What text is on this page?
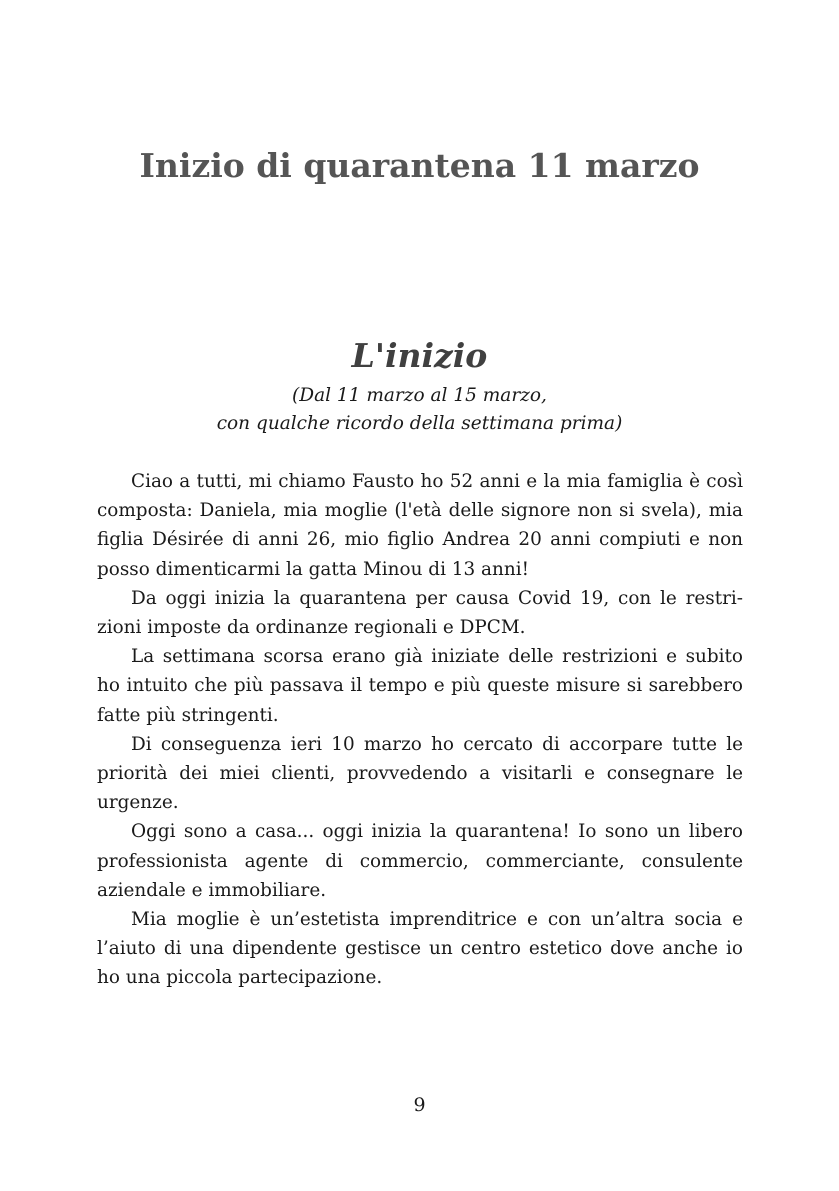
Inizio di quarantena 11 marzo
L'inizio
(Dal 11 marzo al 15 marzo,
con qualche ricordo della settimana prima)

Ciao a tutti, mi chiamo Fausto ho 52 anni e la mia famiglia è così composta: Daniela, mia moglie (l'età delle signore non si svela), mia figlia Désirée di anni 26, mio figlio Andrea 20 anni compiuti e non posso dimenticarmi la gatta Minou di 13 anni!

Da oggi inizia la quarantena per causa Covid 19, con le restrizioni imposte da ordinanze regionali e DPCM.

La settimana scorsa erano già iniziate delle restrizioni e subito ho intuito che più passava il tempo e più queste misure si sarebbero fatte più stringenti.

Di conseguenza ieri 10 marzo ho cercato di accorpare tutte le priorità dei miei clienti, provvedendo a visitarli e consegnare le urgenze.

Oggi sono a casa... oggi inizia la quarantena! Io sono un libero professionista agente di commercio, commerciante, consulente aziendale e immobiliare.

Mia moglie è un’estetista imprenditrice e con un’altra socia e l’aiuto di una dipendente gestisce un centro estetico dove anche io ho una piccola partecipazione.

9
